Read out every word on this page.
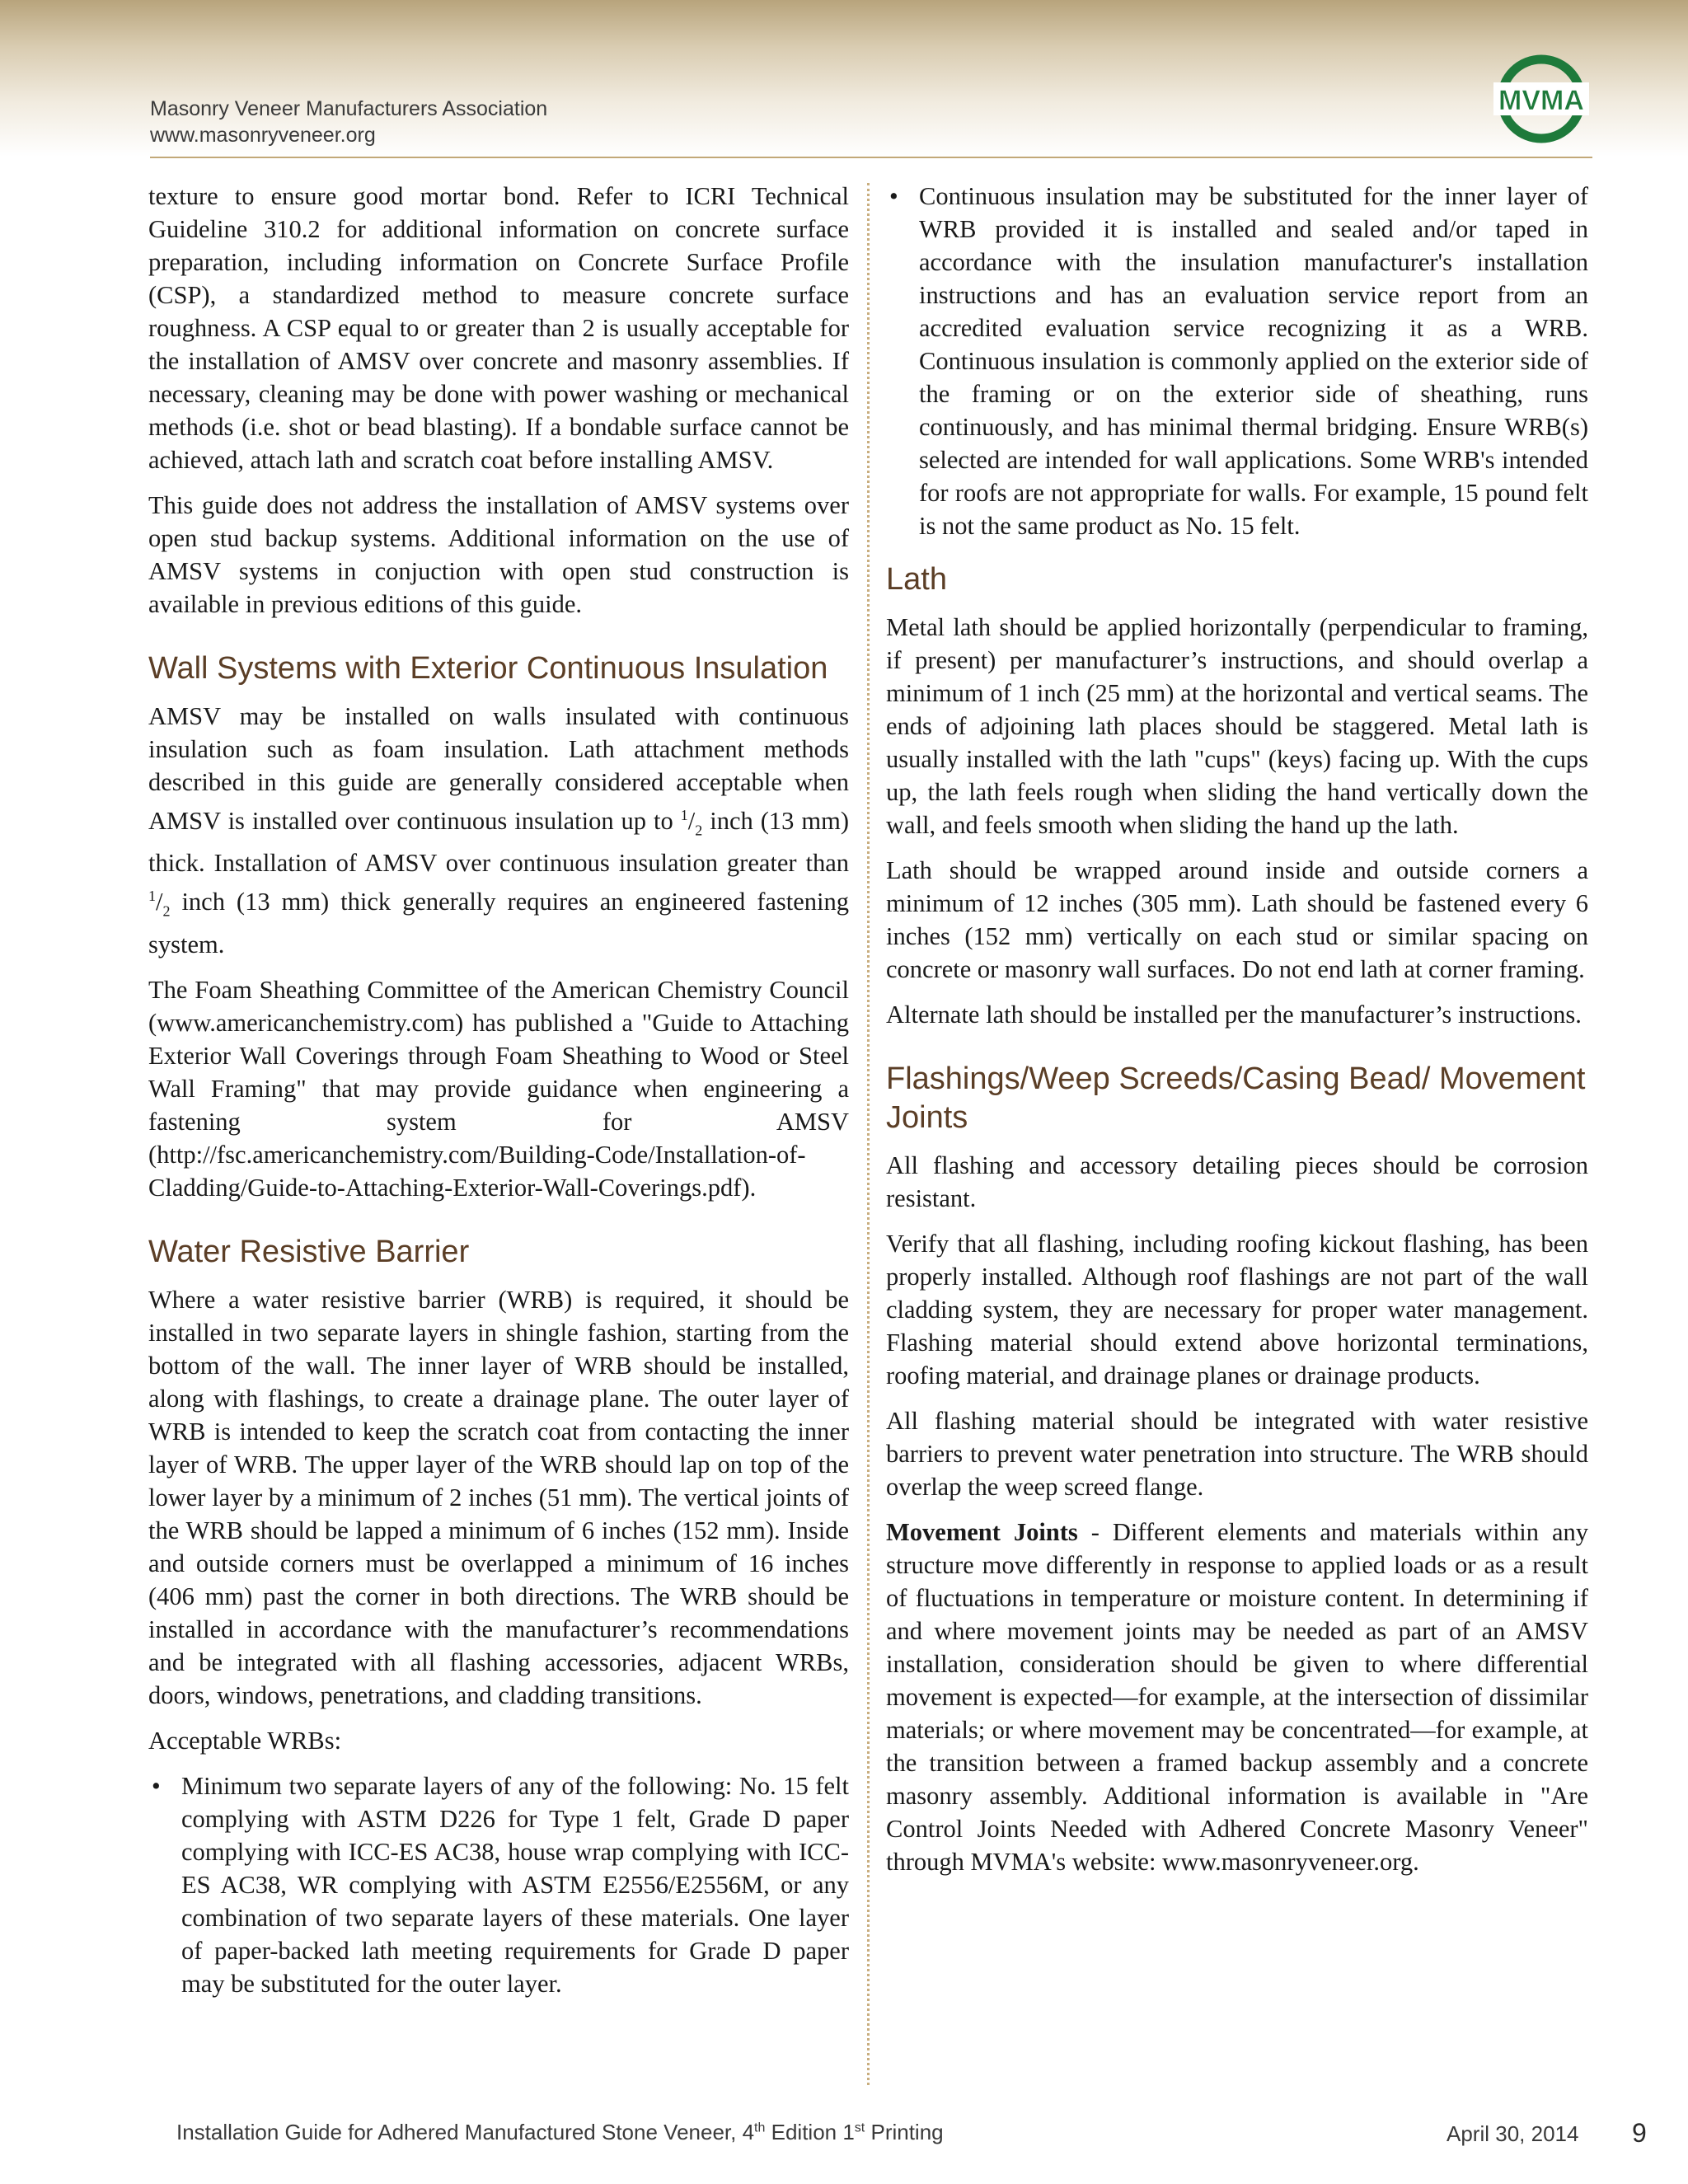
Masonry Veneer Manufacturers Association
www.masonryveneer.org
MVMA

texture to ensure good mortar bond. Refer to ICRI Technical Guideline 310.2 for additional information on concrete surface preparation, including information on Concrete Surface Profile (CSP), a standardized method to measure concrete surface roughness. A CSP equal to or greater than 2 is usually acceptable for the installation of AMSV over concrete and masonry assemblies. If necessary, cleaning may be done with power washing or mechanical methods (i.e. shot or bead blasting). If a bondable surface cannot be achieved, attach lath and scratch coat before installing AMSV.

This guide does not address the installation of AMSV systems over open stud backup systems. Additional information on the use of AMSV systems in conjuction with open stud construction is available in previous editions of this guide.

Wall Systems with Exterior Continuous Insulation

AMSV may be installed on walls insulated with continuous insulation such as foam insulation. Lath attachment methods described in this guide are generally considered acceptable when AMSV is installed over continuous insulation up to $^1/_2$ inch (13 mm) thick. Installation of AMSV over continuous insulation greater than $^1/_2$ inch (13 mm) thick generally requires an engineered fastening system.

The Foam Sheathing Committee of the American Chemistry Council (www.americanchemistry.com) has published a "Guide to Attaching Exterior Wall Coverings through Foam Sheathing to Wood or Steel Wall Framing" that may provide guidance when engineering a fastening system for AMSV (http://fsc.americanchemistry.com/Building-Code/Installation-of-Cladding/Guide-to-Attaching-Exterior-Wall-Coverings.pdf).

Water Resistive Barrier

Where a water resistive barrier (WRB) is required, it should be installed in two separate layers in shingle fashion, starting from the bottom of the wall. The inner layer of WRB should be installed, along with flashings, to create a drainage plane. The outer layer of WRB is intended to keep the scratch coat from contacting the inner layer of WRB. The upper layer of the WRB should lap on top of the lower layer by a minimum of 2 inches (51 mm). The vertical joints of the WRB should be lapped a minimum of 6 inches (152 mm). Inside and outside corners must be overlapped a minimum of 16 inches (406 mm) past the corner in both directions. The WRB should be installed in accordance with the manufacturer’s recommendations and be integrated with all flashing accessories, adjacent WRBs, doors, windows, penetrations, and cladding transitions.

Acceptable WRBs:

• Minimum two separate layers of any of the following: No. 15 felt complying with ASTM D226 for Type 1 felt, Grade D paper complying with ICC-ES AC38, house wrap complying with ICC-ES AC38, WR complying with ASTM E2556/E2556M, or any combination of two separate layers of these materials. One layer of paper-backed lath meeting requirements for Grade D paper may be substituted for the outer layer.
• Continuous insulation may be substituted for the inner layer of WRB provided it is installed and sealed and/or taped in accordance with the insulation manufacturer's installation instructions and has an evaluation service report from an accredited evaluation service recognizing it as a WRB. Continuous insulation is commonly applied on the exterior side of the framing or on the exterior side of sheathing, runs continuously, and has minimal thermal bridging. Ensure WRB(s) selected are intended for wall applications. Some WRB's intended for roofs are not appropriate for walls. For example, 15 pound felt is not the same product as No. 15 felt.
Lath

Metal lath should be applied horizontally (perpendicular to framing, if present) per manufacturer’s instructions, and should overlap a minimum of 1 inch (25 mm) at the horizontal and vertical seams. The ends of adjoining lath places should be staggered. Metal lath is usually installed with the lath "cups" (keys) facing up. With the cups up, the lath feels rough when sliding the hand vertically down the wall, and feels smooth when sliding the hand up the lath.

Lath should be wrapped around inside and outside corners a minimum of 12 inches (305 mm). Lath should be fastened every 6 inches (152 mm) vertically on each stud or similar spacing on concrete or masonry wall surfaces. Do not end lath at corner framing.

Alternate lath should be installed per the manufacturer’s instructions.

Flashings/Weep Screeds/Casing Bead/ Movement Joints

All flashing and accessory detailing pieces should be corrosion resistant.

Verify that all flashing, including roofing kickout flashing, has been properly installed. Although roof flashings are not part of the wall cladding system, they are necessary for proper water management. Flashing material should extend above horizontal terminations, roofing material, and drainage planes or drainage products.

All flashing material should be integrated with water resistive barriers to prevent water penetration into structure. The WRB should overlap the weep screed flange.

Movement Joints - Different elements and materials within any structure move differently in response to applied loads or as a result of fluctuations in temperature or moisture content. In determining if and where movement joints may be needed as part of an AMSV installation, consideration should be given to where differential movement is expected—for example, at the intersection of dissimilar materials; or where movement may be concentrated—for example, at the transition between a framed backup assembly and a concrete masonry assembly. Additional information is available in "Are Control Joints Needed with Adhered Concrete Masonry Veneer" through MVMA's website: www.masonryveneer.org.

Installation Guide for Adhered Manufactured Stone Veneer, 4th Edition 1st Printing	April 30, 2014 9
